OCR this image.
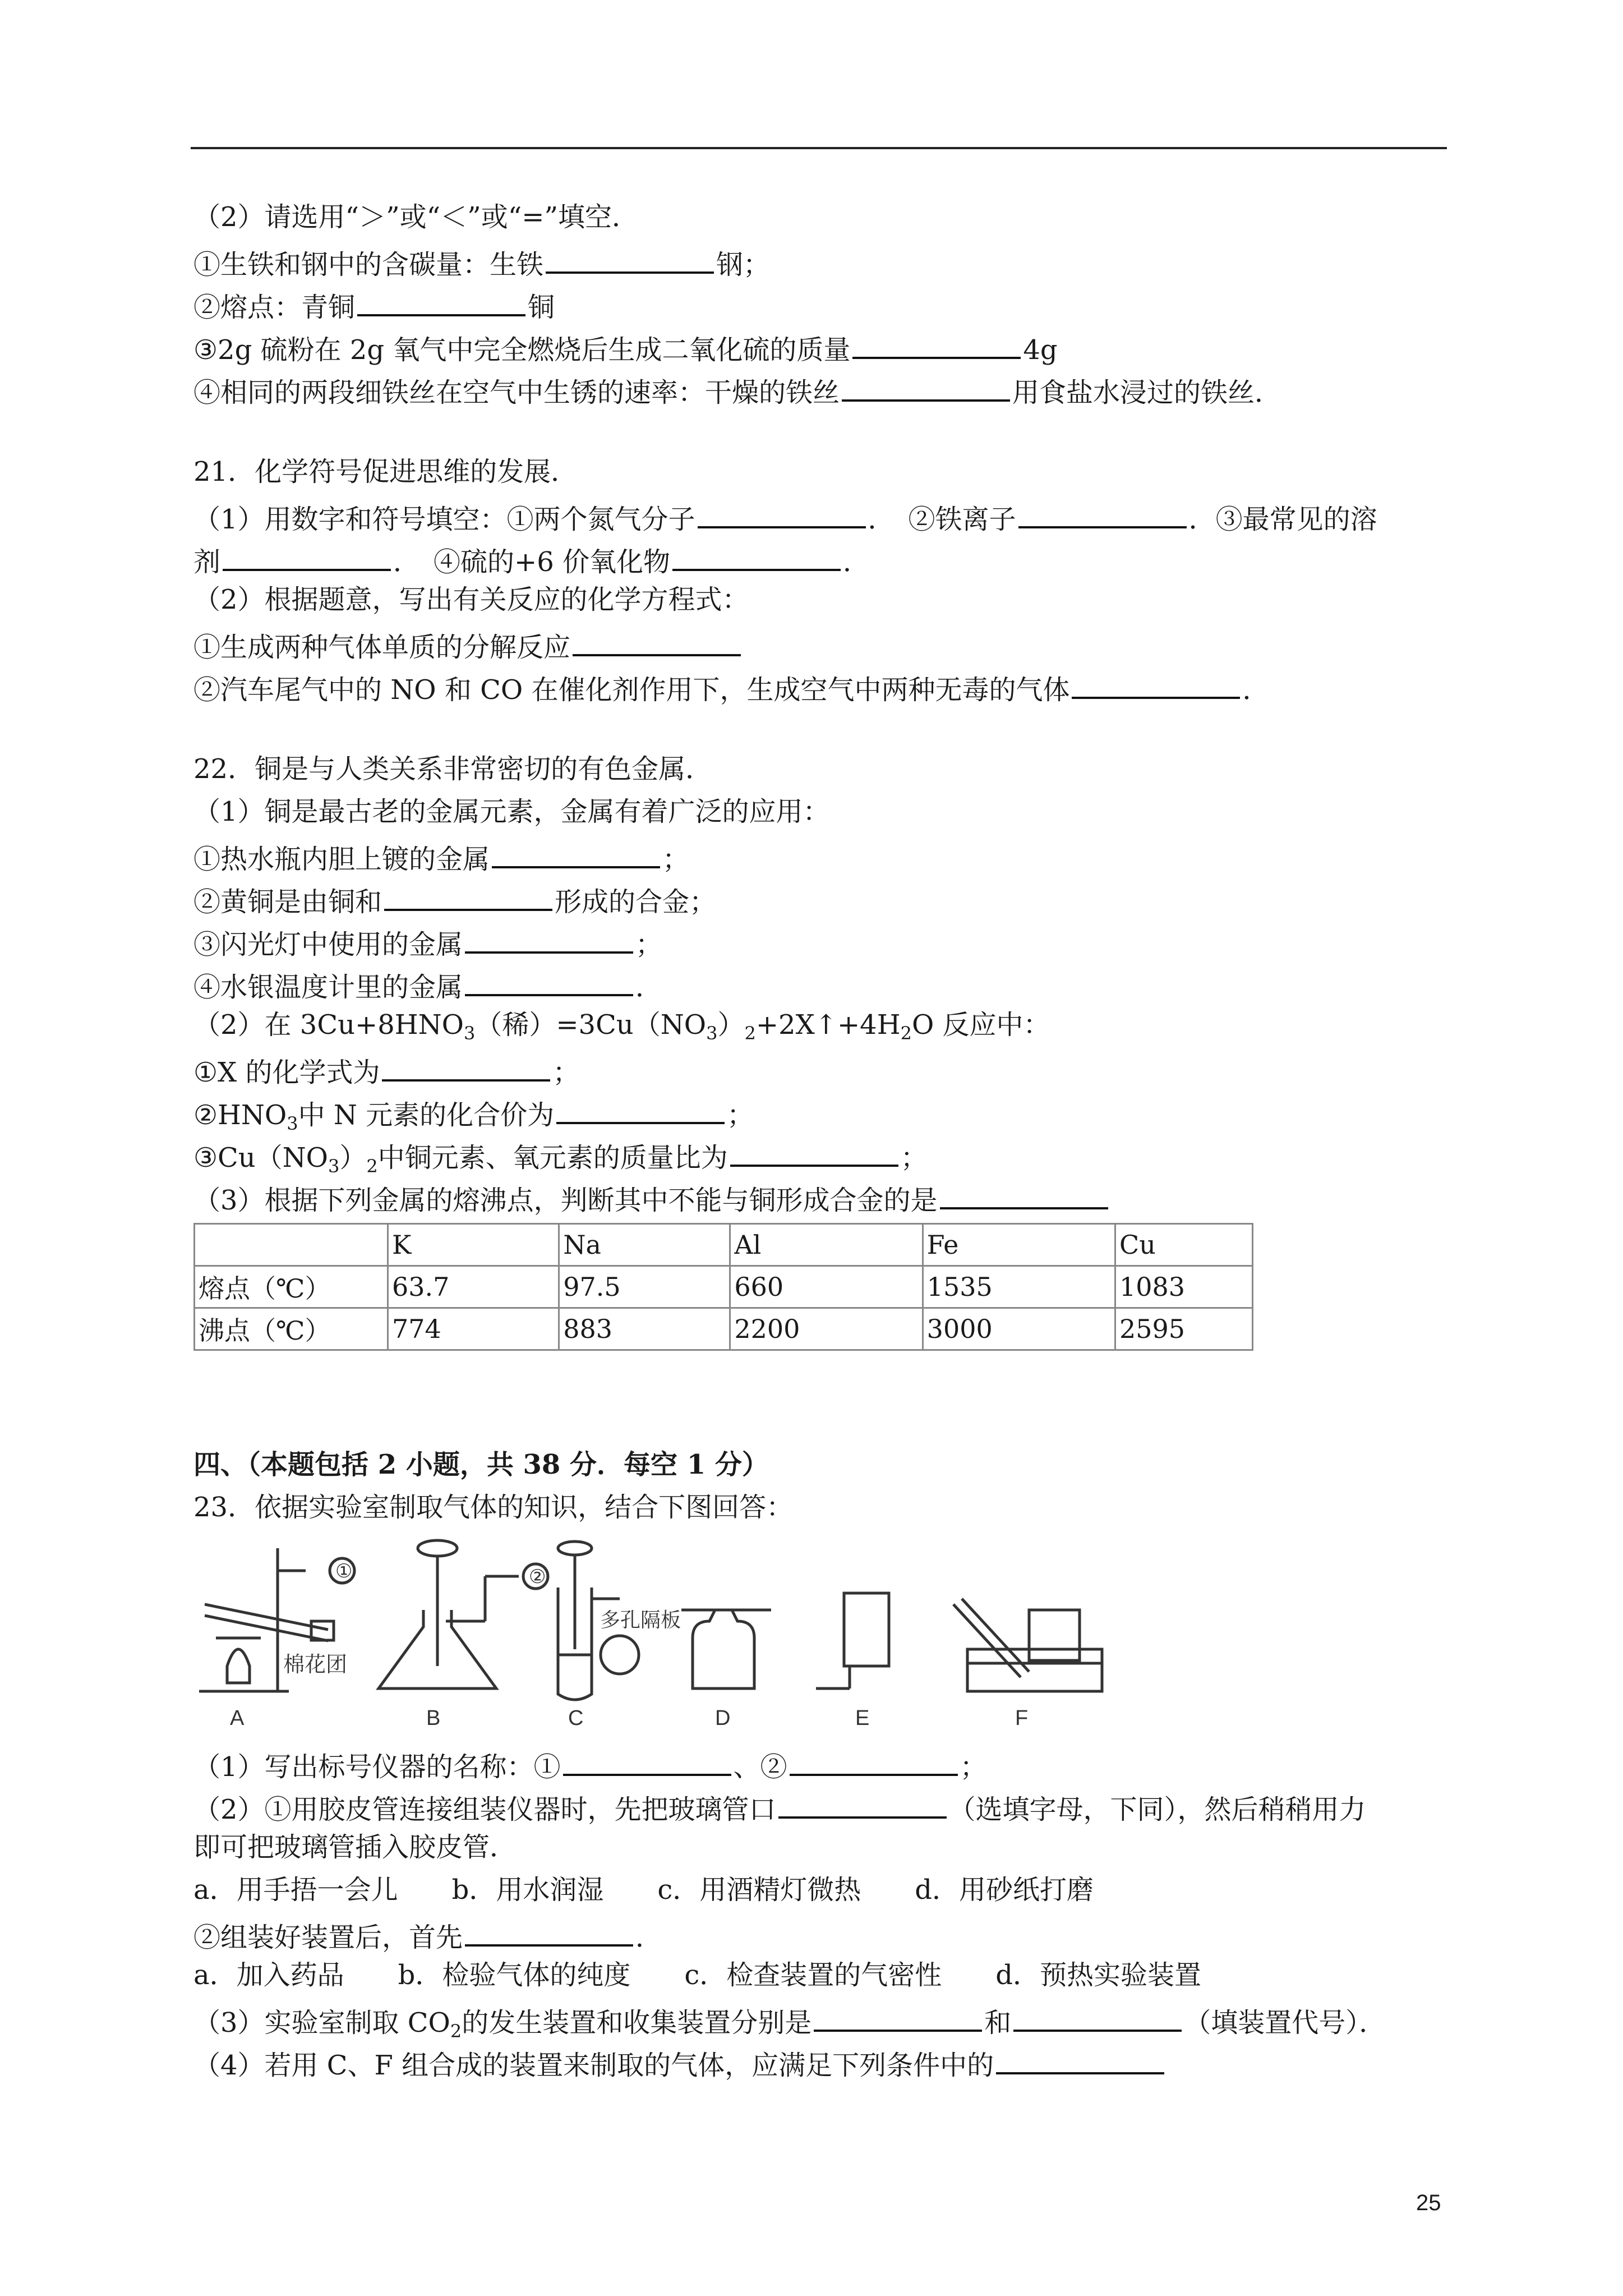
（2）请选用“＞”或“＜”或“=”填空．
①生铁和钢中的含碳量：生铁	钢；
②熔点：青铜	铜
③2g 硫粉在 2g 氧气中完全燃烧后生成二氧化硫的质量	4g
④相同的两段细铁丝在空气中生锈的速率：干燥的铁丝	用食盐水浸过的铁丝．
21．化学符号促进思维的发展．
（1）用数字和符号填空：①两个氮气分子	．　②铁离子	．③最常见的溶
剂	．　④硫的+6 价氧化物	．
（2）根据题意，写出有关反应的化学方程式：
①生成两种气体单质的分解反应
②汽车尾气中的 NO 和 CO 在催化剂作用下，生成空气中两种无毒的气体	．
22．铜是与人类关系非常密切的有色金属．
（1）铜是最古老的金属元素，金属有着广泛的应用：
①热水瓶内胆上镀的金属	；
②黄铜是由铜和	形成的合金；
③闪光灯中使用的金属	；
④水银温度计里的金属	．
（2）在 $3Cu+8HNO_3$（稀）$=3Cu(NO_3)_2+2X↑+4H_2O$ 反应中：
①X 的化学式为	；
$②HNO_3$中 N 元素的化合价为	；
$③Cu(NO_3)_2$中铜元素、氧元素的质量比为	；
（3）根据下列金属的熔沸点，判断其中不能与铜形成合金的是
	K	Na	Al	Fe	Cu
熔点（℃）	63.7	97.5	660	1535	1083
沸点（℃）	774	883	2200	3000	2595
四、（本题包括 2 小题，共 38 分．每空 1 分）
23．依据实验室制取气体的知识，结合下图回答：
①
棉花团
A
②
B
多孔隔板
C	D	E	F
（1）写出标号仪器的名称：①	、②	；
（2）①用胶皮管连接组装仪器时，先把玻璃管口	（选填字母，下同），然后稍稍用力
即可把玻璃管插入胶皮管．
a．用手捂一会儿　　b．用水润湿　　c．用酒精灯微热　　d．用砂纸打磨
②组装好装置后，首先	．
a．加入药品　　b．检验气体的纯度　　c．检查装置的气密性　　d．预热实验装置
（3）实验室制取 $CO_2$的发生装置和收集装置分别是	和	（填装置代号）．
（4）若用 C、F 组合成的装置来制取的气体，应满足下列条件中的
25
